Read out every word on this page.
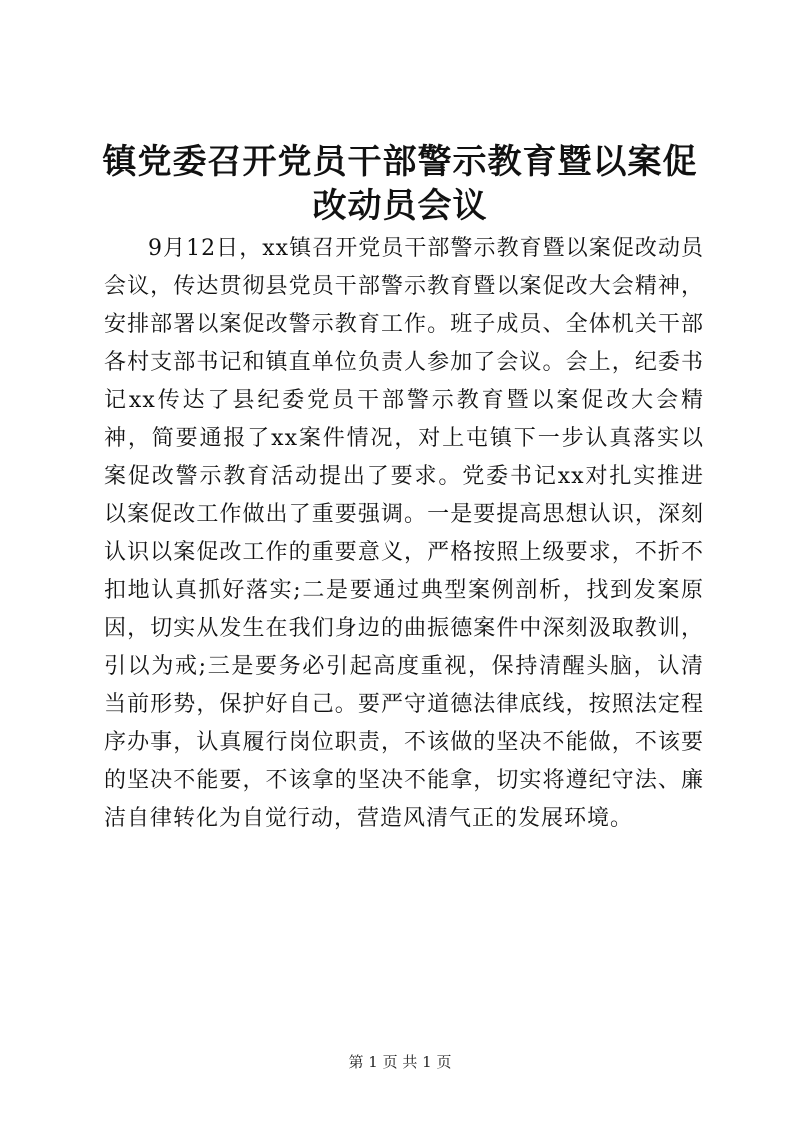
镇党委召开党员干部警示教育暨以案促改动员会议

9月12日，xx镇召开党员干部警示教育暨以案促改动员会议，传达贯彻县党员干部警示教育暨以案促改大会精神，安排部署以案促改警示教育工作。班子成员、全体机关干部各村支部书记和镇直单位负责人参加了会议。会上，纪委书记xx传达了县纪委党员干部警示教育暨以案促改大会精神，简要通报了xx案件情况，对上屯镇下一步认真落实以案促改警示教育活动提出了要求。党委书记xx对扎实推进以案促改工作做出了重要强调。一是要提高思想认识，深刻认识以案促改工作的重要意义，严格按照上级要求，不折不扣地认真抓好落实;二是要通过典型案例剖析，找到发案原因，切实从发生在我们身边的曲振德案件中深刻汲取教训，引以为戒;三是要务必引起高度重视，保持清醒头脑，认清当前形势，保护好自己。要严守道德法律底线，按照法定程序办事，认真履行岗位职责，不该做的坚决不能做，不该要的坚决不能要，不该拿的坚决不能拿，切实将遵纪守法、廉洁自律转化为自觉行动，营造风清气正的发展环境。

第 1 页 共 1 页
